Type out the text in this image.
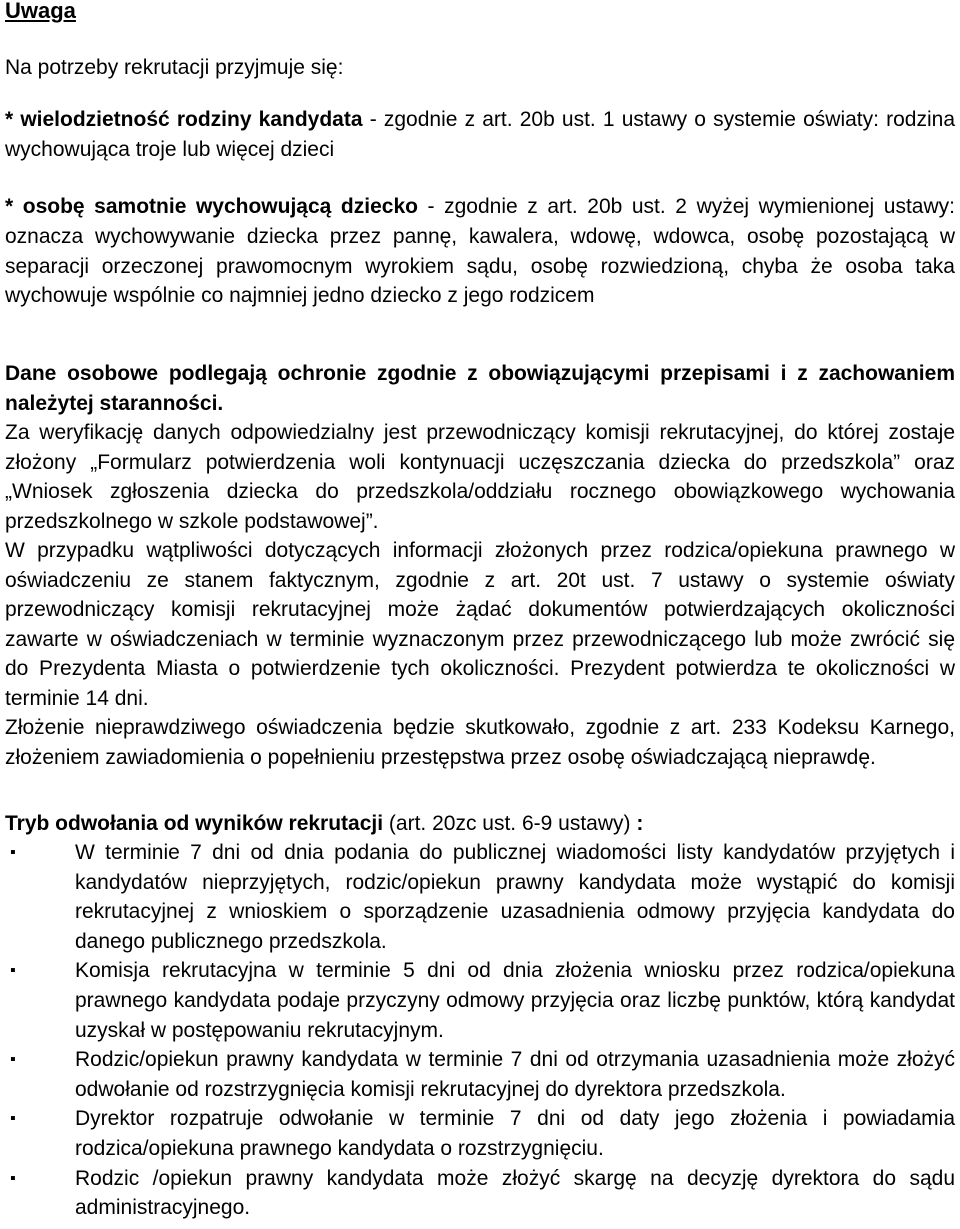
Uwaga
Na potrzeby rekrutacji przyjmuje się:
* wielodzietność rodziny kandydata - zgodnie z art. 20b ust. 1 ustawy o systemie oświaty: rodzina wychowująca troje lub więcej dzieci
* osobę samotnie wychowującą dziecko - zgodnie z art. 20b ust. 2 wyżej wymienionej ustawy: oznacza wychowywanie dziecka przez pannę, kawalera, wdowę, wdowca, osobę pozostającą w separacji orzeczonej prawomocnym wyrokiem sądu, osobę rozwiedzioną, chyba że osoba taka wychowuje wspólnie co najmniej jedno dziecko z jego rodzicem
Dane osobowe podlegają ochronie zgodnie z obowiązującymi przepisami i z zachowaniem należytej staranności.
Za weryfikację danych odpowiedzialny jest przewodniczący komisji rekrutacyjnej, do której zostaje złożony „Formularz potwierdzenia woli kontynuacji uczęszczania dziecka do przedszkola” oraz „Wniosek zgłoszenia dziecka do przedszkola/oddziału rocznego obowiązkowego wychowania przedszkolnego w szkole podstawowej”.
W przypadku wątpliwości dotyczących informacji złożonych przez rodzica/opiekuna prawnego w oświadczeniu ze stanem faktycznym, zgodnie z art. 20t ust. 7 ustawy o systemie oświaty przewodniczący komisji rekrutacyjnej może żądać dokumentów potwierdzających okoliczności zawarte w oświadczeniach w terminie wyznaczonym przez przewodniczącego lub może zwrócić się do Prezydenta Miasta o potwierdzenie tych okoliczności. Prezydent potwierdza te okoliczności w terminie 14 dni.
Złożenie nieprawdziwego oświadczenia będzie skutkowało, zgodnie z art. 233 Kodeksu Karnego, złożeniem zawiadomienia o popełnieniu przestępstwa przez osobę oświadczającą nieprawdę.
Tryb odwołania od wyników rekrutacji (art. 20zc ust. 6-9 ustawy) :
▪
W terminie 7 dni od dnia podania do publicznej wiadomości listy kandydatów przyjętych i kandydatów nieprzyjętych, rodzic/opiekun prawny kandydata może wystąpić do komisji rekrutacyjnej z wnioskiem o sporządzenie uzasadnienia odmowy przyjęcia kandydata do danego publicznego przedszkola.
▪
Komisja rekrutacyjna w terminie 5 dni od dnia złożenia wniosku przez rodzica/opiekuna prawnego kandydata podaje przyczyny odmowy przyjęcia oraz liczbę punktów, którą kandydat uzyskał w postępowaniu rekrutacyjnym.
▪
Rodzic/opiekun prawny kandydata w terminie 7 dni od otrzymania uzasadnienia może złożyć odwołanie od rozstrzygnięcia komisji rekrutacyjnej do dyrektora przedszkola.
▪
Dyrektor rozpatruje odwołanie w terminie 7 dni od daty jego złożenia i powiadamia rodzica/opiekuna prawnego kandydata o rozstrzygnięciu.
▪
Rodzic /opiekun prawny kandydata może złożyć skargę na decyzję dyrektora do sądu administracyjnego.
